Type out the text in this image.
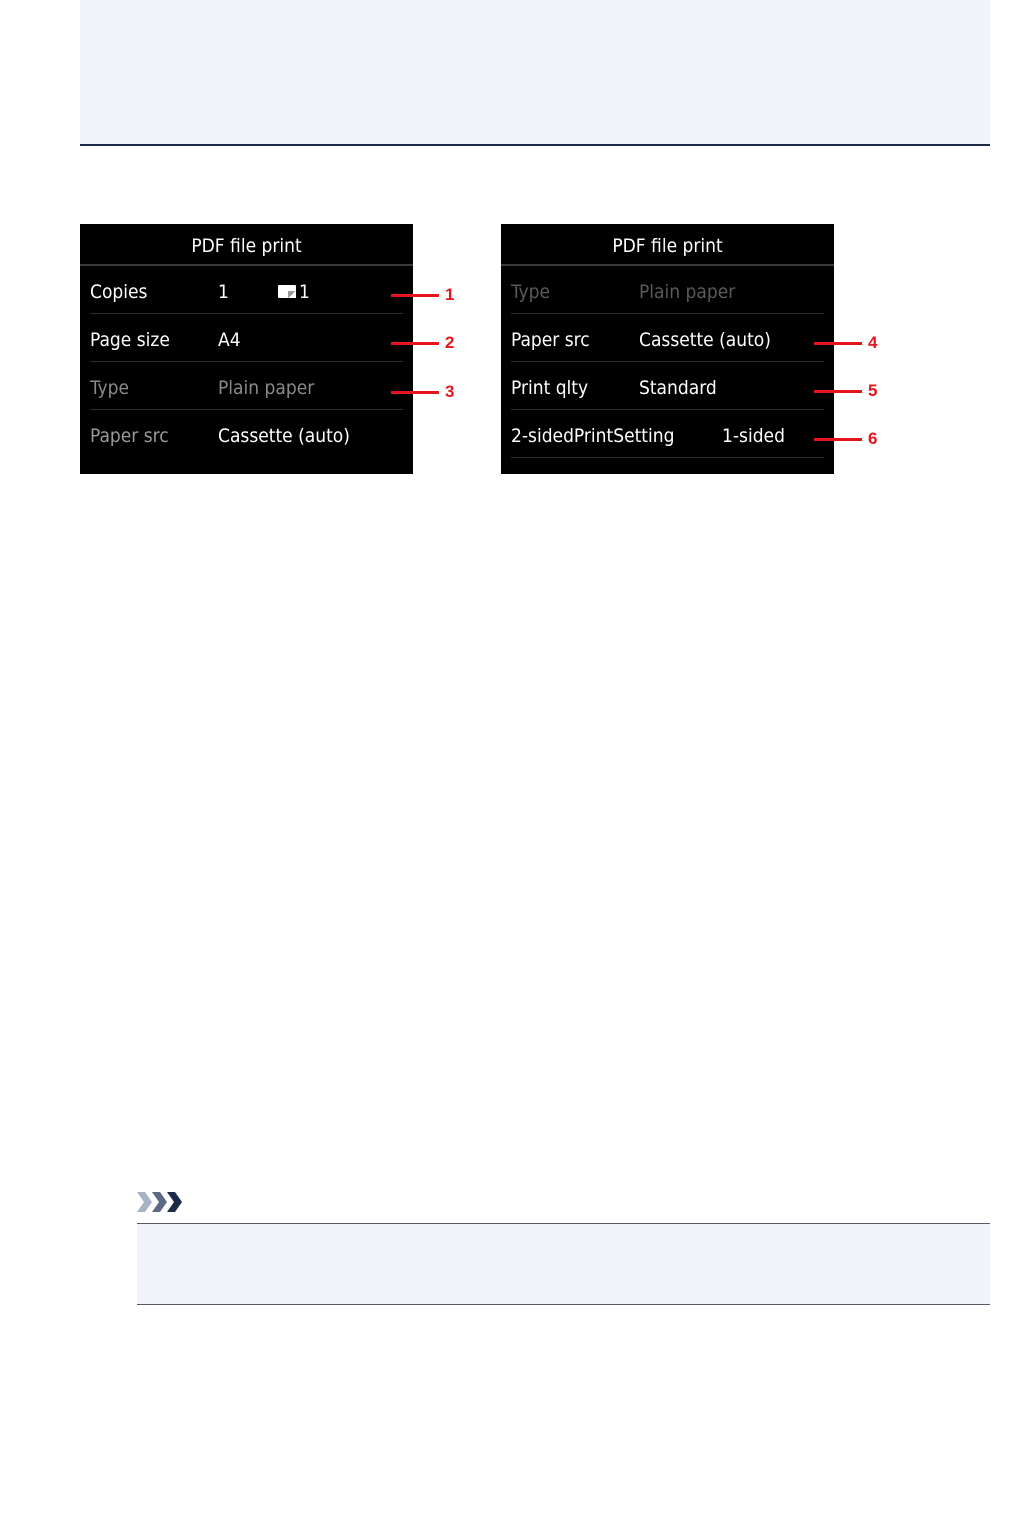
PDF file print
Copies	1	1
Page size	A4
Type	Plain paper
Paper src	Cassette (auto)
PDF file print
Type	Plain paper
Paper src	Cassette (auto)
Print qlty	Standard
2-sidedPrintSetting	1-sided
1
2
3
4
5
6
